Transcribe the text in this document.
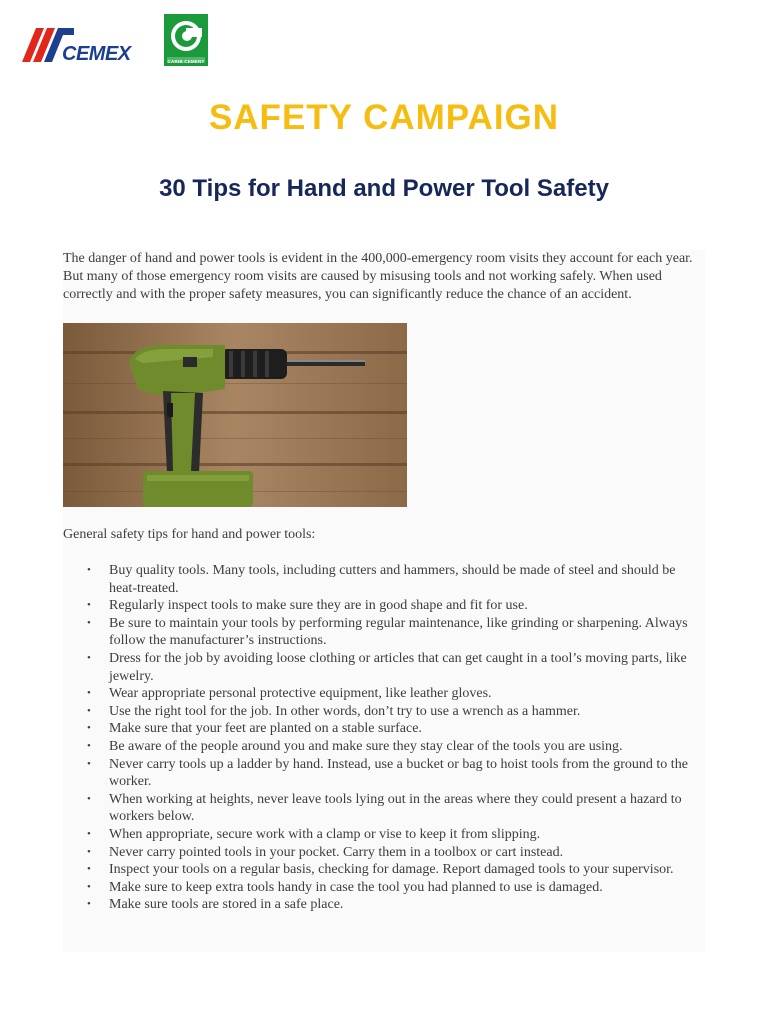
CEMEX	CARIB CEMENT
SAFETY CAMPAIGN
30 Tips for Hand and Power Tool Safety

The danger of hand and power tools is evident in the 400,000-emergency room visits they account for each year. But many of those emergency room visits are caused by misusing tools and not working safely. When used correctly and with the proper safety measures, you can significantly reduce the chance of an accident.

General safety tips for hand and power tools:

• Buy quality tools. Many tools, including cutters and hammers, should be made of steel and should be heat-treated.
• Regularly inspect tools to make sure they are in good shape and fit for use.
• Be sure to maintain your tools by performing regular maintenance, like grinding or sharpening. Always follow the manufacturer’s instructions.
• Dress for the job by avoiding loose clothing or articles that can get caught in a tool’s moving parts, like jewelry.
• Wear appropriate personal protective equipment, like leather gloves.
• Use the right tool for the job. In other words, don’t try to use a wrench as a hammer.
• Make sure that your feet are planted on a stable surface.
• Be aware of the people around you and make sure they stay clear of the tools you are using.
• Never carry tools up a ladder by hand. Instead, use a bucket or bag to hoist tools from the ground to the worker.
• When working at heights, never leave tools lying out in the areas where they could present a hazard to workers below.
• When appropriate, secure work with a clamp or vise to keep it from slipping.
• Never carry pointed tools in your pocket. Carry them in a toolbox or cart instead.
• Inspect your tools on a regular basis, checking for damage. Report damaged tools to your supervisor.
• Make sure to keep extra tools handy in case the tool you had planned to use is damaged.
• Make sure tools are stored in a safe place.
